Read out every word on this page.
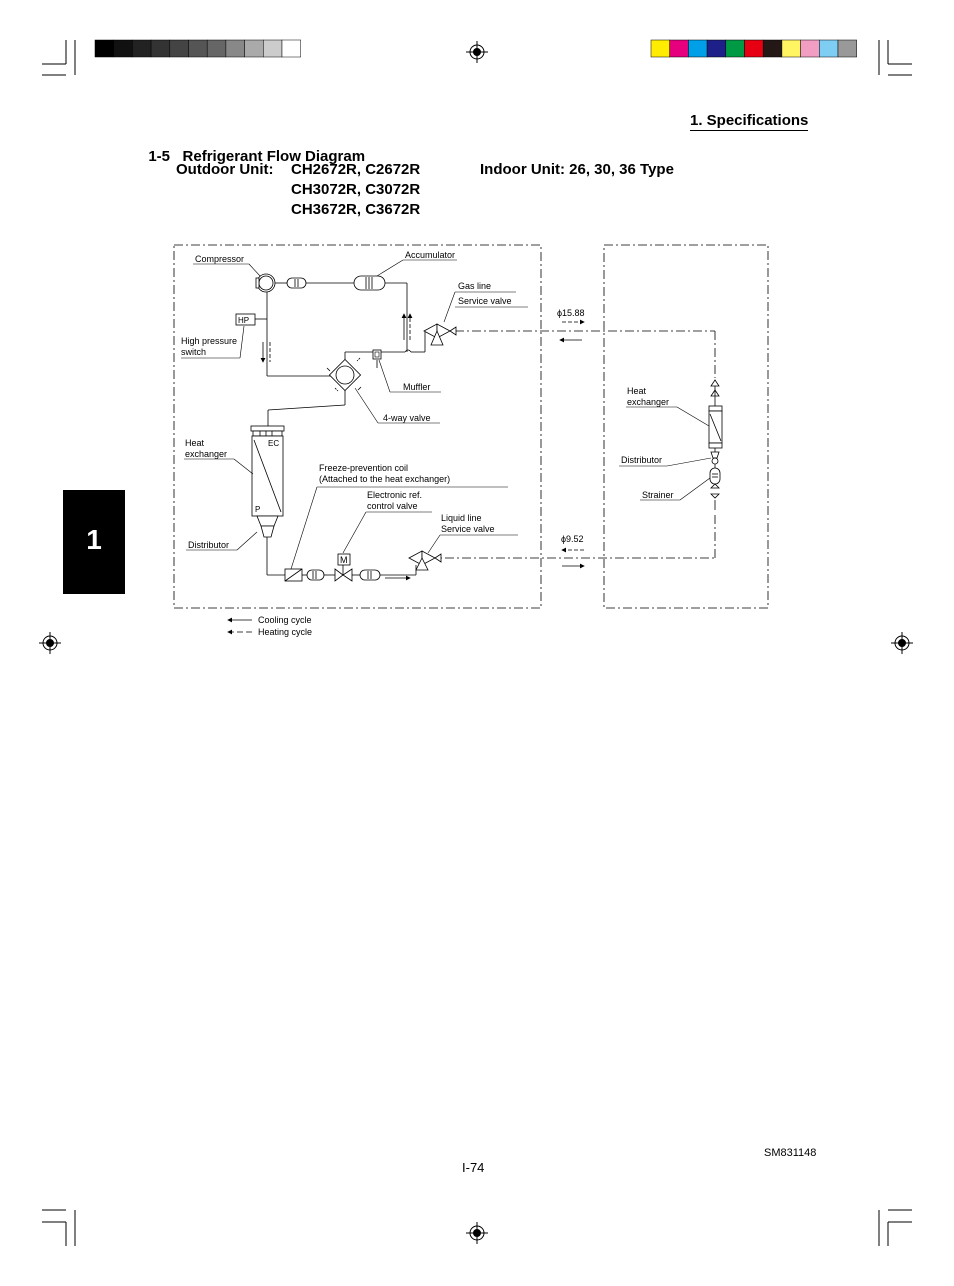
1. Specifications

1-5   Refrigerant Flow Diagram

Outdoor Unit: CH2672R, C2672R
CH3072R, C3072R
CH3672R, C3672R
Indoor Unit: 26, 30, 36 Type
1
Compressor	Accumulator
Gas line
Service valve
HP
High pressure
switch
Muffler
4-way valve
Heat
exchanger
EC
P
Freeze-prevention coil
(Attached to the heat exchanger)
Electronic ref.
control valve
M
Liquid line
Service valve
Distributor
ϕ15.88
ϕ9.52
Heat
exchanger
Distributor
Strainer
Cooling cycle
Heating cycle
I-74
SM831148
